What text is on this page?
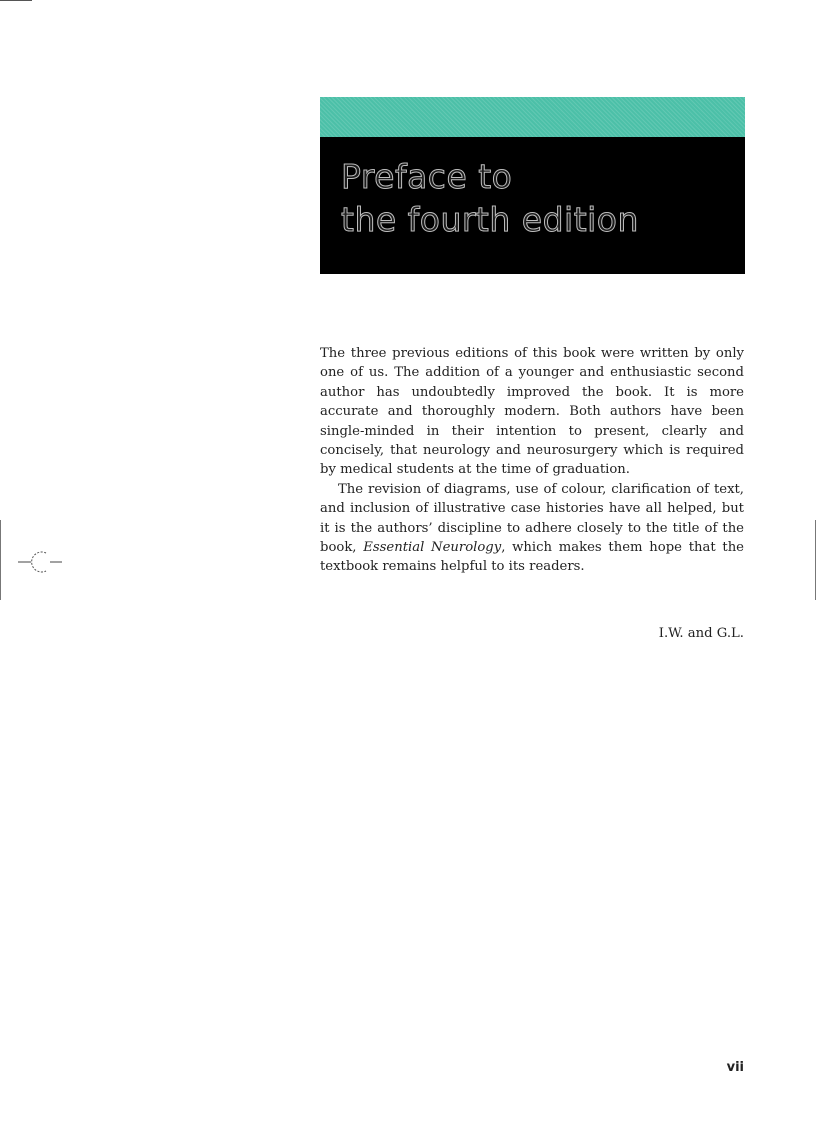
Preface to
the fourth edition

The three previous editions of this book were written by only one of us. The addition of a younger and enthusiastic second author has undoubtedly improved the book. It is more accurate and thoroughly modern. Both authors have been single-minded in their intention to present, clearly and concisely, that neurology and neurosurgery which is required by medical students at the time of graduation.

The revision of diagrams, use of colour, clarification of text, and inclusion of illustrative case histories have all helped, but it is the authors’ discipline to adhere closely to the title of the book, Essential Neurology, which makes them hope that the textbook remains helpful to its readers.

I.W. and G.L.
vii
